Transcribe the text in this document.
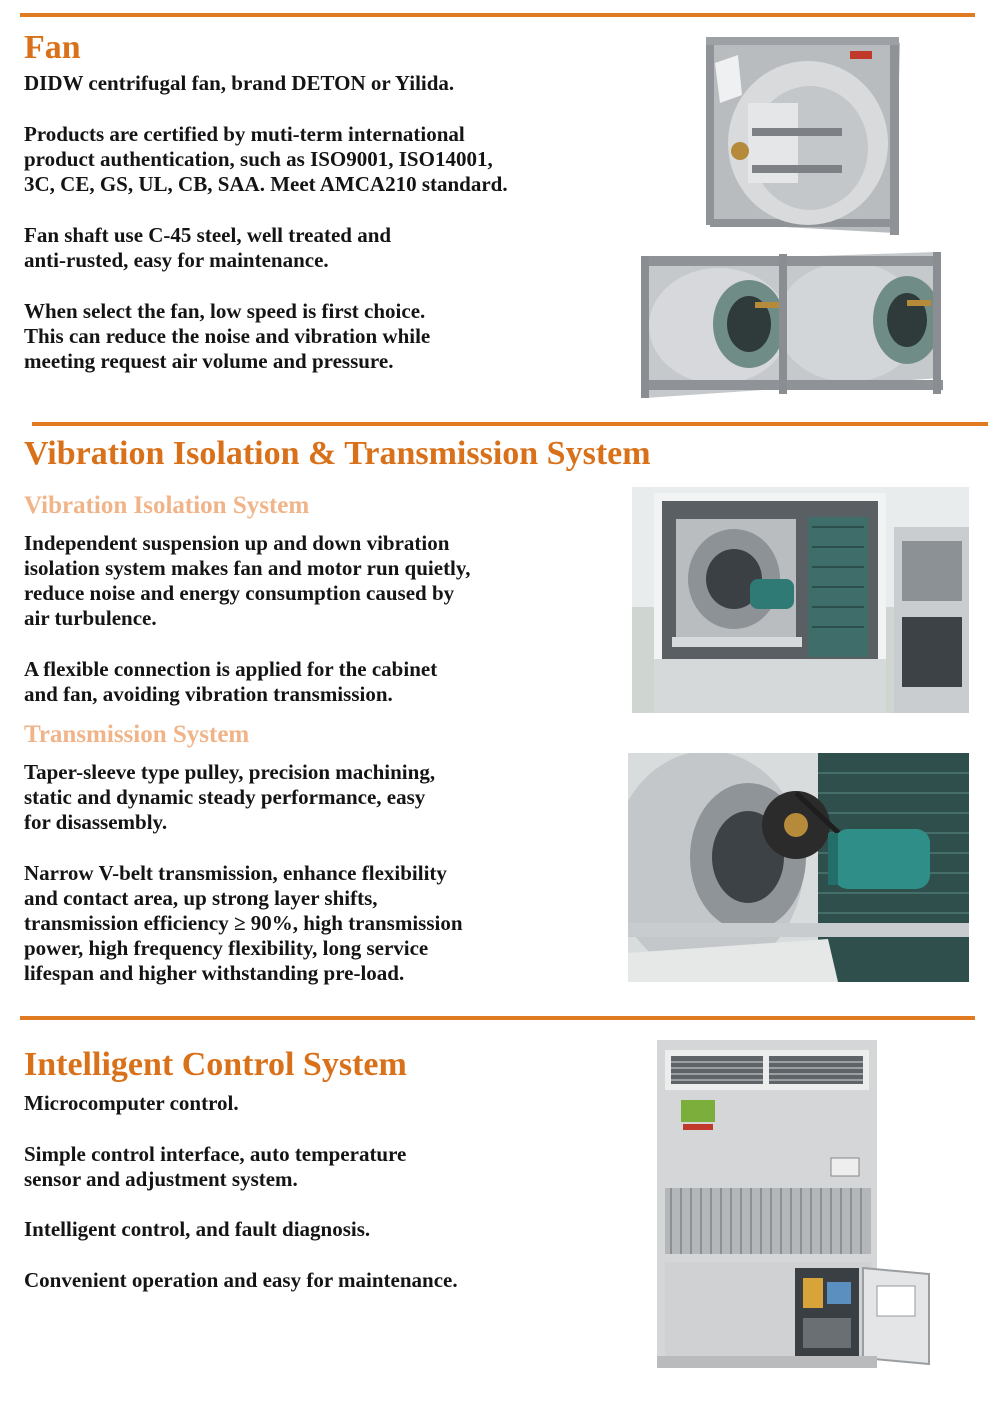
Fan

DIDW centrifugal fan, brand DETON or Yilida.

Products are certified by muti-term international
product authentication, such as ISO9001, ISO14001,
3C, CE, GS, UL, CB, SAA. Meet AMCA210 standard.

Fan shaft use C-45 steel, well treated and
anti-rusted, easy for maintenance.

When select the fan, low speed is first choice.
This can reduce the noise and vibration while
meeting request air volume and pressure.

Vibration Isolation & Transmission System
Vibration Isolation System

Independent suspension up and down vibration
isolation system makes fan and motor run quietly,
reduce noise and energy consumption caused by
air turbulence.

A flexible connection is applied for the cabinet
and fan, avoiding vibration transmission.

Transmission System

Taper-sleeve type pulley, precision machining,
static and dynamic steady performance, easy
for disassembly.

Narrow V-belt transmission, enhance flexibility
and contact area, up strong layer shifts,
transmission efficiency ≥ 90%, high transmission
power, high frequency flexibility, long service
lifespan and higher withstanding pre-load.

Intelligent Control System

Microcomputer control.

Simple control interface, auto temperature
sensor and adjustment system.

Intelligent control, and fault diagnosis.

Convenient operation and easy for maintenance.
